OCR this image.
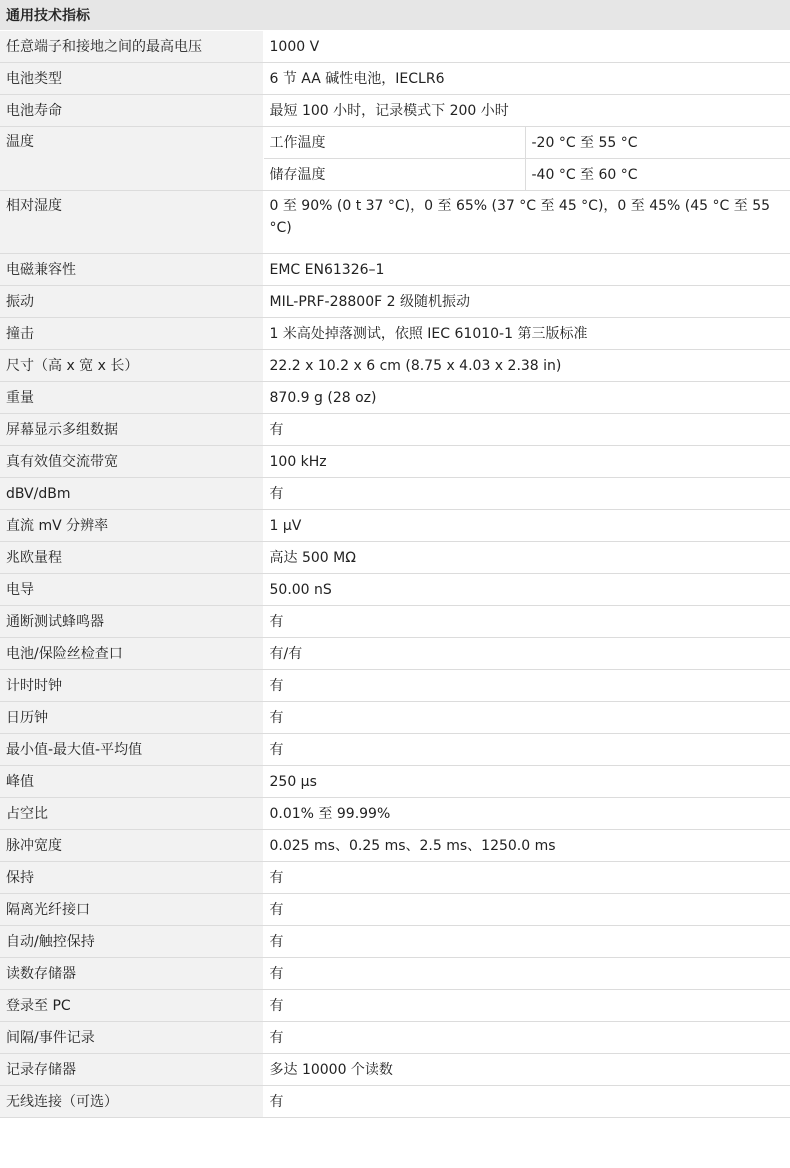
通用技术指标		
任意端子和接地之间的最高电压	1000 V	
电池类型	6 节 AA 碱性电池，IECLR6	
电池寿命	最短 100 小时，记录模式下 200 小时	
温度	工作温度	-20 °C 至 55 °C
	储存温度	-40 °C 至 60 °C
相对湿度	0 至 90% (0 t 37 °C)，0 至 65% (37 °C 至 45 °C)，0 至 45% (45 °C 至 55 °C)	
电磁兼容性	EMC EN61326–1	
振动	MIL-PRF-28800F 2 级随机振动	
撞击	1 米高处掉落测试，依照 IEC 61010-1 第三版标准	
尺寸（高 x 宽 x 长）	22.2 x 10.2 x 6 cm (8.75 x 4.03 x 2.38 in)	
重量	870.9 g (28 oz)	
屏幕显示多组数据	有	
真有效值交流带宽	100 kHz	
dBV/dBm	有	
直流 mV 分辨率	1 µV	
兆欧量程	高达 500 MΩ	
电导	50.00 nS	
通断测试蜂鸣器	有	
电池/保险丝检查口	有/有	
计时时钟	有	
日历钟	有	
最小值-最大值-平均值	有	
峰值	250 µs	
占空比	0.01% 至 99.99%	
脉冲宽度	0.025 ms、0.25 ms、2.5 ms、1250.0 ms	
保持	有	
隔离光纤接口	有	
自动/触控保持	有	
读数存储器	有	
登录至 PC	有	
间隔/事件记录	有	
记录存储器	多达 10000 个读数	
无线连接（可选）	有	
